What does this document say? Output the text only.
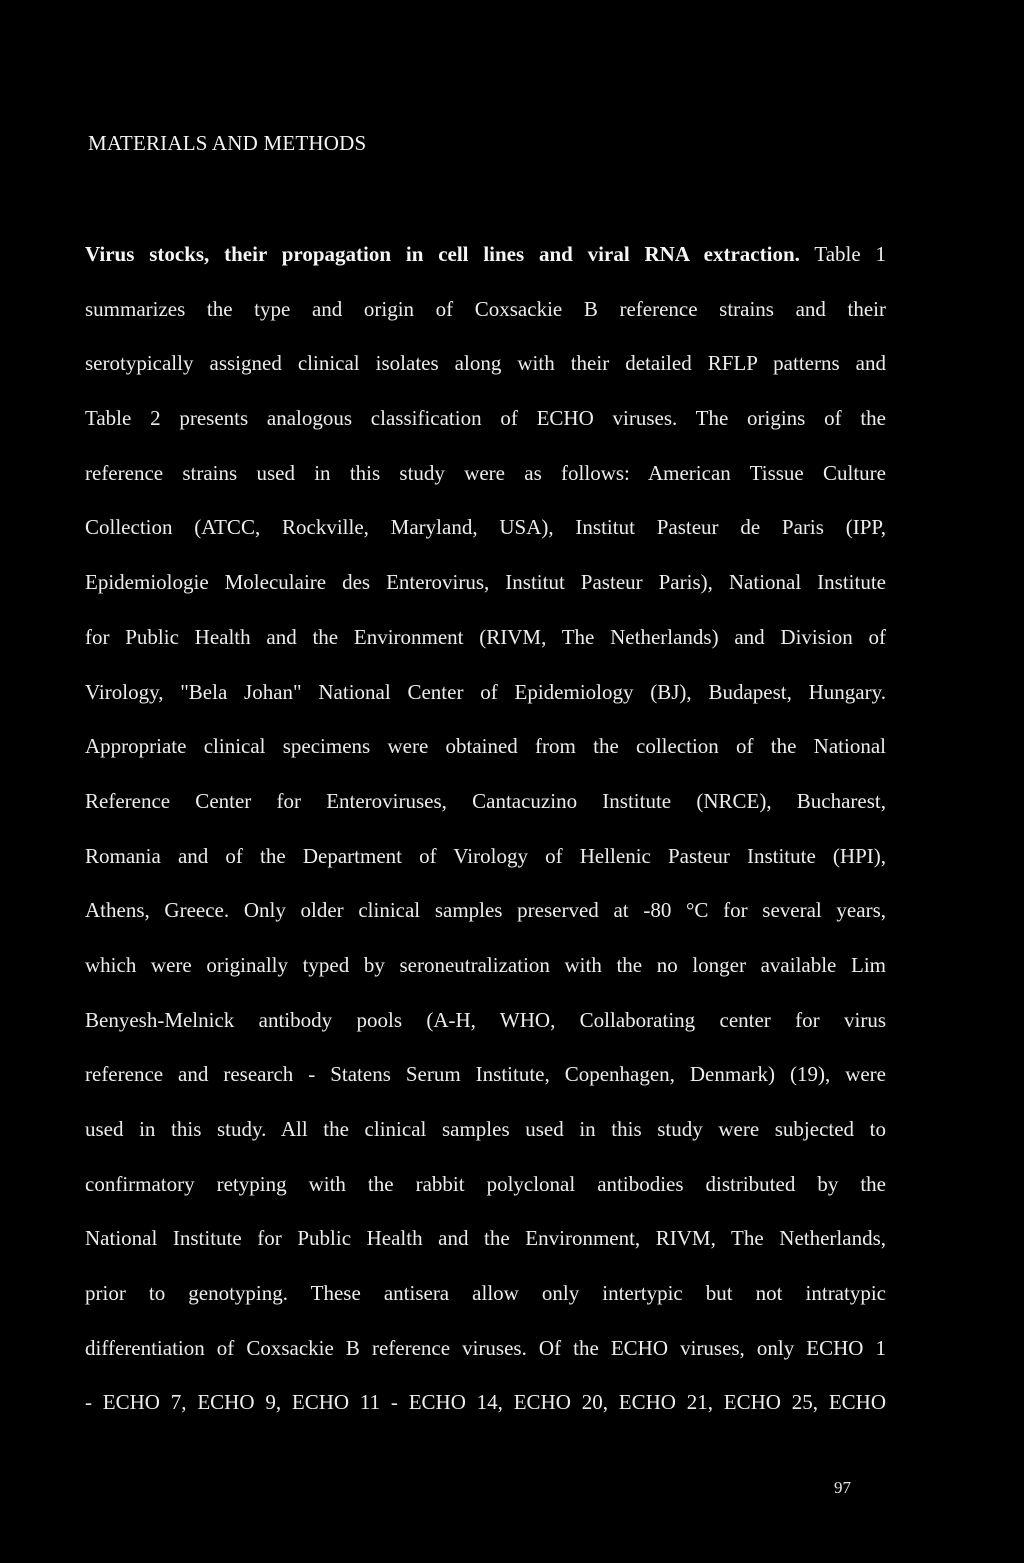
MATERIALS AND METHODS
Virus stocks, their propagation in cell lines and viral RNA extraction. Table 1
summarizes the type and origin of Coxsackie B reference strains and their
serotypically assigned clinical isolates along with their detailed RFLP patterns and
Table 2 presents analogous classification of ECHO viruses. The origins of the
reference strains used in this study were as follows: American Tissue Culture
Collection (ATCC, Rockville, Maryland, USA), Institut Pasteur de Paris (IPP,
Epidemiologie Moleculaire des Enterovirus, Institut Pasteur Paris), National Institute
for Public Health and the Environment (RIVM, The Netherlands) and Division of
Virology, "Bela Johan" National Center of Epidemiology (BJ), Budapest, Hungary.
Appropriate clinical specimens were obtained from the collection of the National
Reference Center for Enteroviruses, Cantacuzino Institute (NRCE), Bucharest,
Romania and of the Department of Virology of Hellenic Pasteur Institute (HPI),
Athens, Greece. Only older clinical samples preserved at -80 °C for several years,
which were originally typed by seroneutralization with the no longer available Lim
Benyesh-Melnick antibody pools (A-H, WHO, Collaborating center for virus
reference and research - Statens Serum Institute, Copenhagen, Denmark) (19), were
used in this study. All the clinical samples used in this study were subjected to
confirmatory retyping with the rabbit polyclonal antibodies distributed by the
National Institute for Public Health and the Environment, RIVM, The Netherlands,
prior to genotyping. These antisera allow only intertypic but not intratypic
differentiation of Coxsackie B reference viruses. Of the ECHO viruses, only ECHO 1
- ECHO 7, ECHO 9, ECHO 11 - ECHO 14, ECHO 20, ECHO 21, ECHO 25, ECHO
97
